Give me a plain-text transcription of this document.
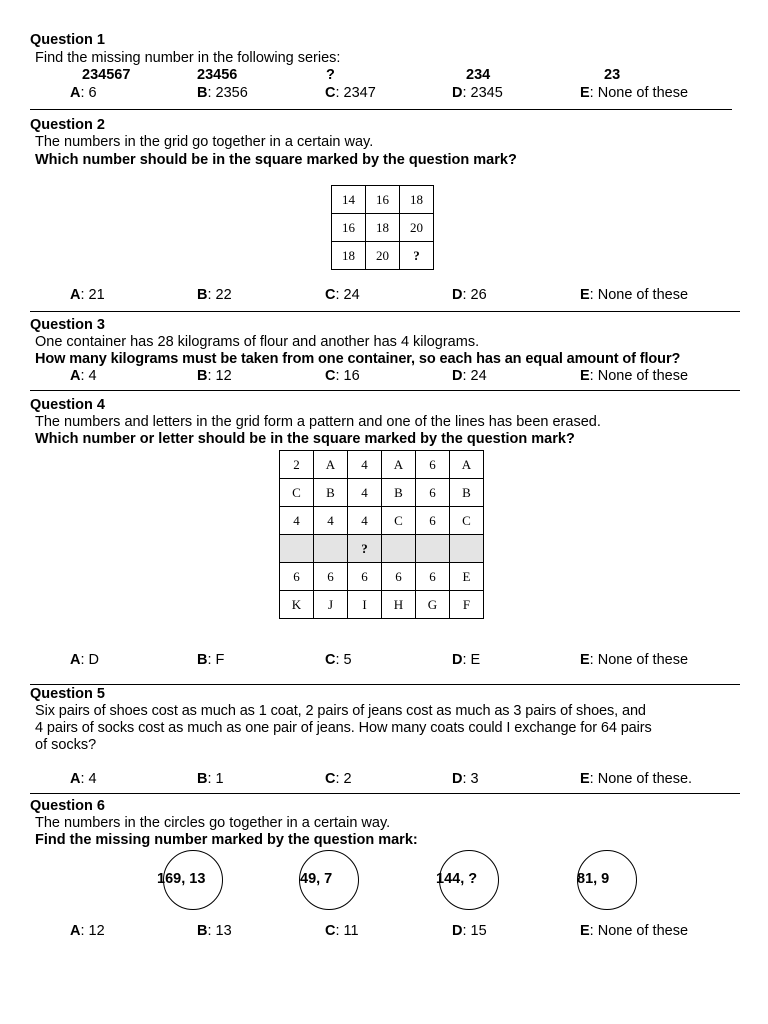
Question 1
Find the missing number in the following series:
234567	23456	?	234	23
A: 6	B: 2356	C: 2347	D: 2345	E: None of these
Question 2
The numbers in the grid go together in a certain way.
Which number should be in the square marked by the question mark?
14	16	18
16	18	20
18	20	?
A: 21	B: 22	C: 24	D: 26	E: None of these
Question 3
One container has 28 kilograms of flour and another has 4 kilograms.
How many kilograms must be taken from one container, so each has an equal amount of flour?
A: 4	B: 12	C: 16	D: 24	E: None of these
Question 4
The numbers and letters in the grid form a pattern and one of the lines has been erased.
Which number or letter should be in the square marked by the question mark?
2	A	4	A	6	A
C	B	4	B	6	B
4	4	4	C	6	C
		?			
6	6	6	6	6	E
K	J	I	H	G	F
A: D	B: F	C: 5	D: E	E: None of these
Question 5
Six pairs of shoes cost as much as 1 coat, 2 pairs of jeans cost as much as 3 pairs of shoes, and
4 pairs of socks cost as much as one pair of jeans. How many coats could I exchange for 64 pairs
of socks?
A: 4	B: 1	C: 2	D: 3	E: None of these.
Question 6
The numbers in the circles go together in a certain way.
Find the missing number marked by the question mark:
169, 13	49, 7	144, ?	81, 9
A: 12	B: 13	C: 11	D: 15	E: None of these
